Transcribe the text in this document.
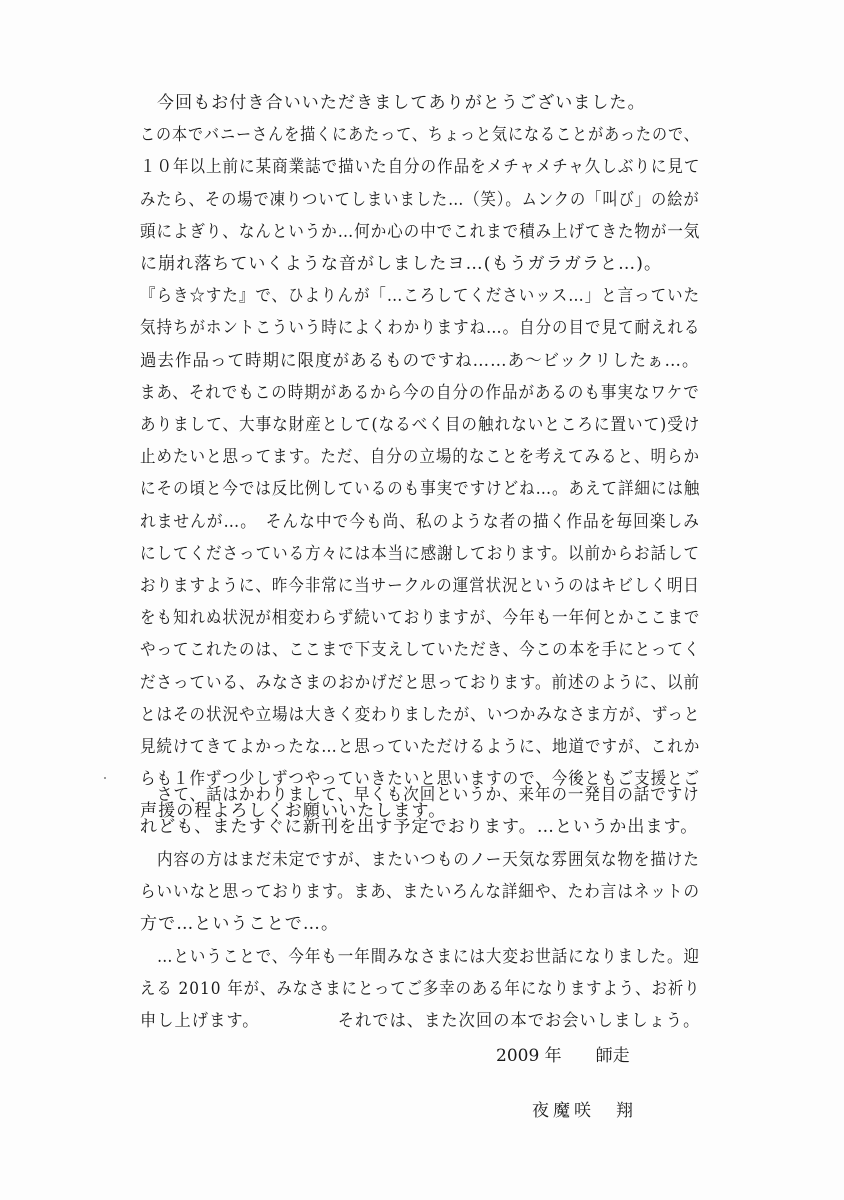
今回もお付き合いいただきましてありがとうございました。
この本でバニーさんを描くにあたって、ちょっと気になることがあったので、
１０年以上前に某商業誌で描いた自分の作品をメチャメチャ久しぶりに見て
みたら、その場で凍りついてしまいました…（笑）。ムンクの「叫び」の絵が
頭によぎり、なんというか…何か心の中でこれまで積み上げてきた物が一気
に崩れ落ちていくような音がしましたヨ…(もうガラガラと…)。
『らき☆すた』で、ひよりんが「…ころしてくださいッス…」と言っていた
気持ちがホントこういう時によくわかりますね…。自分の目で見て耐えれる
過去作品って時期に限度があるものですね……あ～ビックリしたぁ…。
まあ、それでもこの時期があるから今の自分の作品があるのも事実なワケで
ありまして、大事な財産として(なるべく目の触れないところに置いて)受け
止めたいと思ってます。ただ、自分の立場的なことを考えてみると、明らか
にその頃と今では反比例しているのも事実ですけどね…。あえて詳細には触
れませんが…。　そんな中で今も尚、私のような者の描く作品を毎回楽しみ
にしてくださっている方々には本当に感謝しております。以前からお話して
おりますように、昨今非常に当サークルの運営状況というのはキビしく明日
をも知れぬ状況が相変わらず続いておりますが、今年も一年何とかここまで
やってこれたのは、ここまで下支えしていただき、今この本を手にとってく
ださっている、みなさまのおかげだと思っております。前述のように、以前
とはその状況や立場は大きく変わりましたが、いつかみなさま方が、ずっと
見続けてきてよかったな…と思っていただけるように、地道ですが、これか
らも１作ずつ少しずつやっていきたいと思いますので、今後ともご支援とご
声援の程よろしくお願いいたします。
さて、話はかわりまして、早くも次回というか、来年の一発目の話ですけ
れども、またすぐに新刊を出す予定でおります。…というか出ます。
内容の方はまだ未定ですが、またいつものノー天気な雰囲気な物を描けた
らいいなと思っております。まあ、またいろんな詳細や、たわ言はネットの
方で…ということで…。
…ということで、今年も一年間みなさまには大変お世話になりました。迎
える 2010 年が、みなさまにとってご多幸のある年になりますよう、お祈り
申し上げます。　　　　　それでは、また次回の本でお会いしましょう。
2009 年　　師走
夜魔咲　翔
